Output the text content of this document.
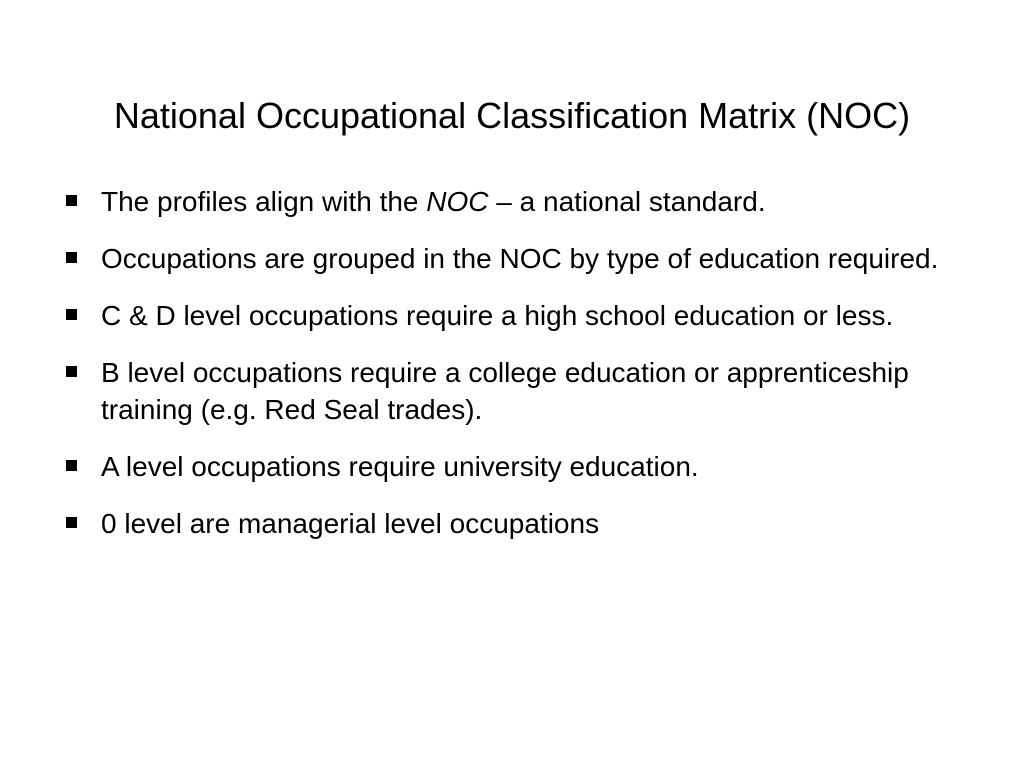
National Occupational Classification Matrix (NOC)
The profiles align with the NOC – a national standard.
Occupations are grouped in the NOC by type of education required.
C & D level occupations require a high school education or less.
B level occupations require a college education or apprenticeship training (e.g. Red Seal trades).
A level occupations require university education.
0 level are managerial level occupations
